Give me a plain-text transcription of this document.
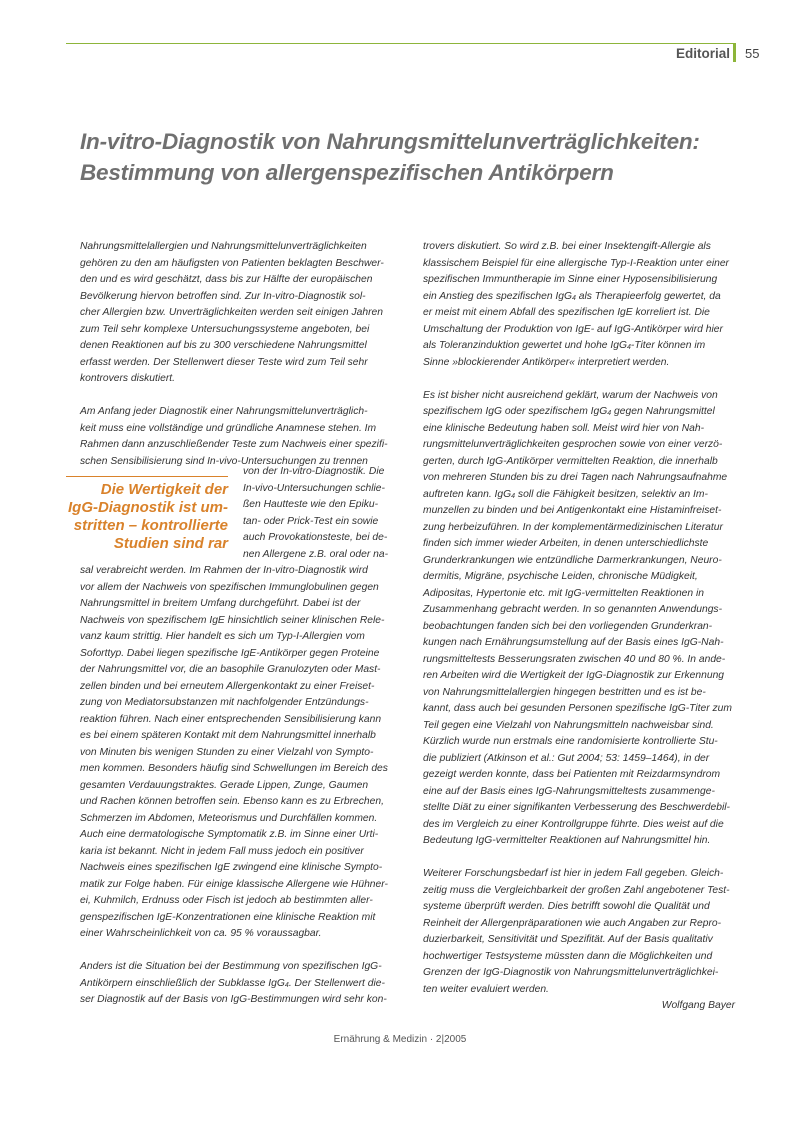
Editorial 55
In-vitro-Diagnostik von Nahrungsmittelunverträglichkeiten:
Bestimmung von allergenspezifischen Antikörpern

Nahrungsmittelallergien und Nahrungsmittelunverträglichkeiten
gehören zu den am häufigsten von Patienten beklagten Beschwer-
den und es wird geschätzt, dass bis zur Hälfte der europäischen
Bevölkerung hiervon betroffen sind. Zur In-vitro-Diagnostik sol-
cher Allergien bzw. Unverträglichkeiten werden seit einigen Jahren
zum Teil sehr komplexe Untersuchungssysteme angeboten, bei
denen Reaktionen auf bis zu 300 verschiedene Nahrungsmittel
erfasst werden. Der Stellenwert dieser Teste wird zum Teil sehr
kontrovers diskutiert.

Am Anfang jeder Diagnostik einer Nahrungsmittelunverträglich-
keit muss eine vollständige und gründliche Anamnese stehen. Im
Rahmen dann anzuschließender Teste zum Nachweis einer spezifi-
schen Sensibilisierung sind In-vivo-Untersuchungen zu trennen

Die Wertigkeit der
IgG-Diagnostik ist um-
stritten – kontrollierte
Studien sind rar

von der In-vitro-Diagnostik. Die
In-vivo-Untersuchungen schlie-
ßen Hautteste wie den Epiku-
tan- oder Prick-Test ein sowie
auch Provokationsteste, bei de-
nen Allergene z.B. oral oder na-

sal verabreicht werden. Im Rahmen der In-vitro-Diagnostik wird
vor allem der Nachweis von spezifischen Immunglobulinen gegen
Nahrungsmittel in breitem Umfang durchgeführt. Dabei ist der
Nachweis von spezifischem IgE hinsichtlich seiner klinischen Rele-
vanz kaum strittig. Hier handelt es sich um Typ-I-Allergien vom
Soforttyp. Dabei liegen spezifische IgE-Antikörper gegen Proteine
der Nahrungsmittel vor, die an basophile Granulozyten oder Mast-
zellen binden und bei erneutem Allergenkontakt zu einer Freiset-
zung von Mediatorsubstanzen mit nachfolgender Entzündungs-
reaktion führen. Nach einer entsprechenden Sensibilisierung kann
es bei einem späteren Kontakt mit dem Nahrungsmittel innerhalb
von Minuten bis wenigen Stunden zu einer Vielzahl von Sympto-
men kommen. Besonders häufig sind Schwellungen im Bereich des
gesamten Verdauungstraktes. Gerade Lippen, Zunge, Gaumen
und Rachen können betroffen sein. Ebenso kann es zu Erbrechen,
Schmerzen im Abdomen, Meteorismus und Durchfällen kommen.
Auch eine dermatologische Symptomatik z.B. im Sinne einer Urti-
karia ist bekannt. Nicht in jedem Fall muss jedoch ein positiver
Nachweis eines spezifischen IgE zwingend eine klinische Sympto-
matik zur Folge haben. Für einige klassische Allergene wie Hühner-
ei, Kuhmilch, Erdnuss oder Fisch ist jedoch ab bestimmten aller-
genspezifischen IgE-Konzentrationen eine klinische Reaktion mit
einer Wahrscheinlichkeit von ca. 95 % voraussagbar.

Anders ist die Situation bei der Bestimmung von spezifischen IgG-
Antikörpern einschließlich der Subklasse IgG$_4$. Der Stellenwert die-
ser Diagnostik auf der Basis von IgG-Bestimmungen wird sehr kon-

trovers diskutiert. So wird z.B. bei einer Insektengift-Allergie als
klassischem Beispiel für eine allergische Typ-I-Reaktion unter einer
spezifischen Immuntherapie im Sinne einer Hyposensibilisierung
ein Anstieg des spezifischen IgG$_4$ als Therapieerfolg gewertet, da
er meist mit einem Abfall des spezifischen IgE korreliert ist. Die
Umschaltung der Produktion von IgE- auf IgG-Antikörper wird hier
als Toleranzinduktion gewertet und hohe IgG$_4$-Titer können im
Sinne »blockierender Antikörper« interpretiert werden.

Es ist bisher nicht ausreichend geklärt, warum der Nachweis von
spezifischem IgG oder spezifischem IgG$_4$ gegen Nahrungsmittel
eine klinische Bedeutung haben soll. Meist wird hier von Nah-
rungsmittelunverträglichkeiten gesprochen sowie von einer verzö-
gerten, durch IgG-Antikörper vermittelten Reaktion, die innerhalb
von mehreren Stunden bis zu drei Tagen nach Nahrungsaufnahme
auftreten kann. IgG$_4$ soll die Fähigkeit besitzen, selektiv an Im-
munzellen zu binden und bei Antigenkontakt eine Histaminfreiset-
zung herbeizuführen. In der komplementärmedizinischen Literatur
finden sich immer wieder Arbeiten, in denen unterschiedlichste
Grunderkrankungen wie entzündliche Darmerkrankungen, Neuro-
dermitis, Migräne, psychische Leiden, chronische Müdigkeit,
Adipositas, Hypertonie etc. mit IgG-vermittelten Reaktionen in
Zusammenhang gebracht werden. In so genannten Anwendungs-
beobachtungen fanden sich bei den vorliegenden Grunderkran-
kungen nach Ernährungsumstellung auf der Basis eines IgG-Nah-
rungsmitteltests Besserungsraten zwischen 40 und 80 %. In ande-
ren Arbeiten wird die Wertigkeit der IgG-Diagnostik zur Erkennung
von Nahrungsmittelallergien hingegen bestritten und es ist be-
kannt, dass auch bei gesunden Personen spezifische IgG-Titer zum
Teil gegen eine Vielzahl von Nahrungsmitteln nachweisbar sind.
Kürzlich wurde nun erstmals eine randomisierte kontrollierte Stu-
die publiziert (Atkinson et al.: Gut 2004; 53: 1459–1464), in der
gezeigt werden konnte, dass bei Patienten mit Reizdarmsyndrom
eine auf der Basis eines IgG-Nahrungsmitteltests zusammenge-
stellte Diät zu einer signifikanten Verbesserung des Beschwerdebil-
des im Vergleich zu einer Kontrollgruppe führte. Dies weist auf die
Bedeutung IgG-vermittelter Reaktionen auf Nahrungsmittel hin.

Weiterer Forschungsbedarf ist hier in jedem Fall gegeben. Gleich-
zeitig muss die Vergleichbarkeit der großen Zahl angebotener Test-
systeme überprüft werden. Dies betrifft sowohl die Qualität und
Reinheit der Allergenpräparationen wie auch Angaben zur Repro-
duzierbarkeit, Sensitivität und Spezifität. Auf der Basis qualitativ
hochwertiger Testsysteme müssten dann die Möglichkeiten und
Grenzen der IgG-Diagnostik von Nahrungsmittelunverträglichkei-
ten weiter evaluiert werden.
Wolfgang Bayer

Ernährung & Medizin · 2|2005
